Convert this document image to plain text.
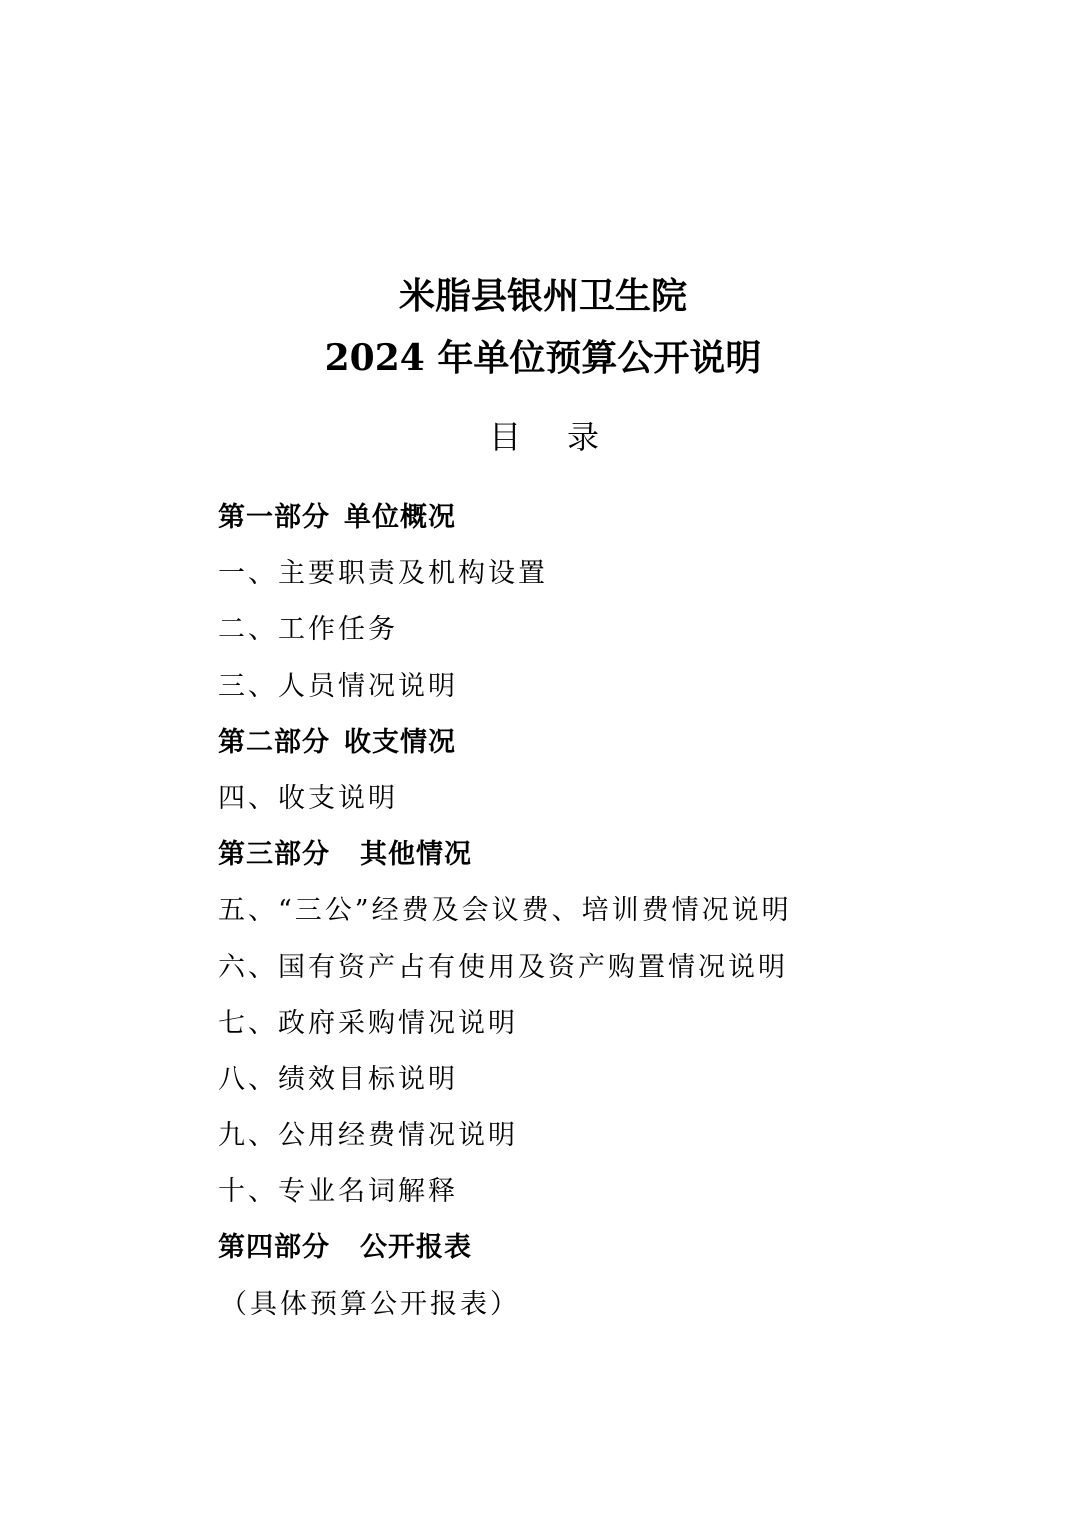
米脂县银州卫生院
2024 年单位预算公开说明
目 录
第一部分 单位概况
一、主要职责及机构设置
二、工作任务
三、人员情况说明
第二部分 收支情况
四、收支说明
第三部分 其他情况
五、“三公”经费及会议费、培训费情况说明
六、国有资产占有使用及资产购置情况说明
七、政府采购情况说明
八、绩效目标说明
九、公用经费情况说明
十、专业名词解释
第四部分 公开报表
（具体预算公开报表）
